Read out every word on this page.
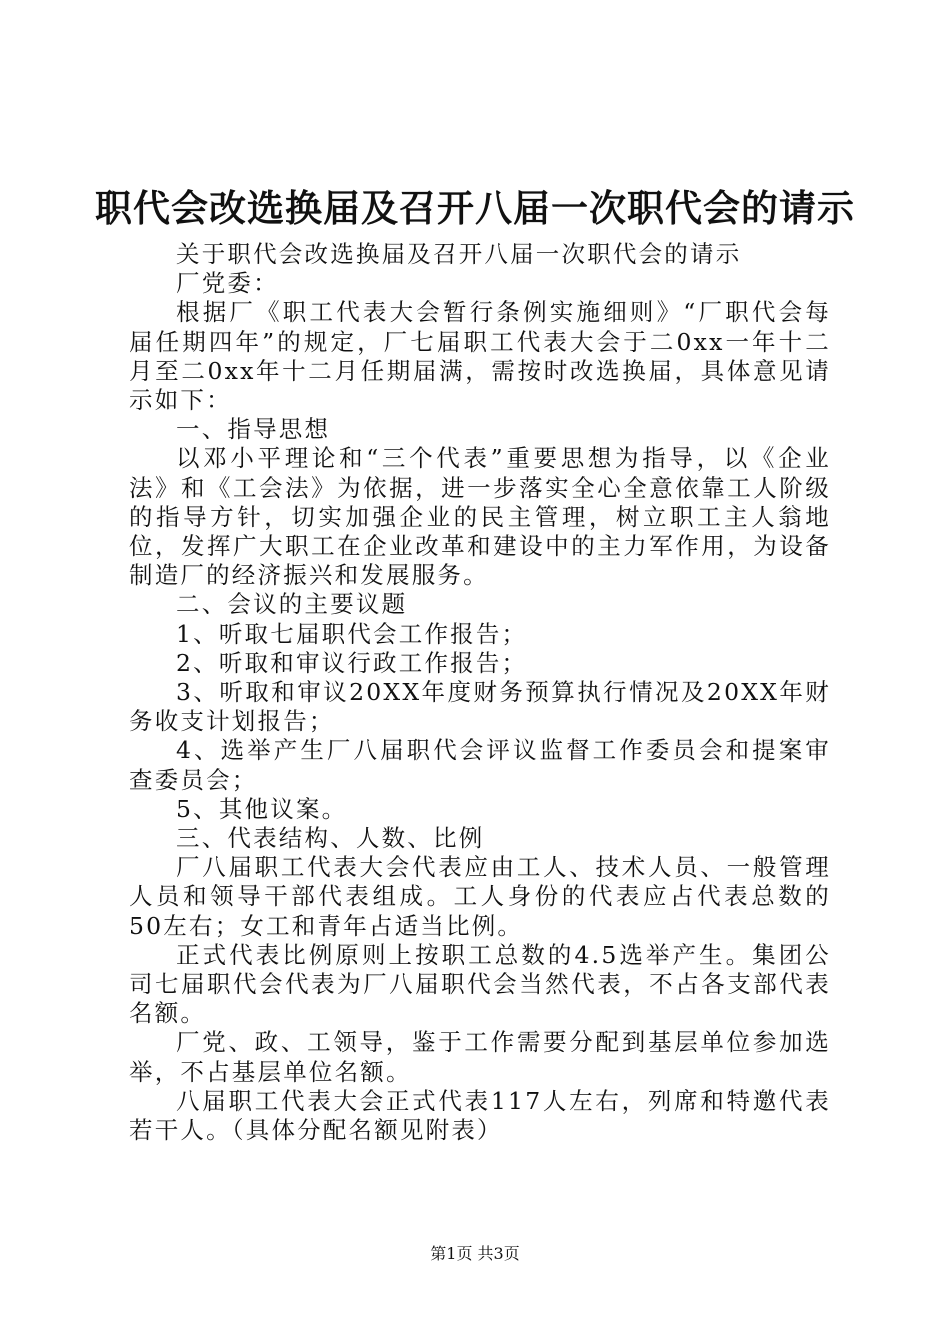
职代会改选换届及召开八届一次职代会的请示

关于职代会改选换届及召开八届一次职代会的请示

厂党委：

根据厂《职工代表大会暂行条例实施细则》“厂职代会每届任期四年”的规定，厂七届职工代表大会于二0xx一年十二月至二0xx年十二月任期届满，需按时改选换届，具体意见请示如下：

一、指导思想

以邓小平理论和“三个代表”重要思想为指导，以《企业法》和《工会法》为依据，进一步落实全心全意依靠工人阶级的指导方针，切实加强企业的民主管理，树立职工主人翁地位，发挥广大职工在企业改革和建设中的主力军作用，为设备制造厂的经济振兴和发展服务。

二、会议的主要议题

1、听取七届职代会工作报告；

2、听取和审议行政工作报告；

3、听取和审议20XX年度财务预算执行情况及20XX年财务收支计划报告；

4、选举产生厂八届职代会评议监督工作委员会和提案审查委员会；

5、其他议案。

三、代表结构、人数、比例

厂八届职工代表大会代表应由工人、技术人员、一般管理人员和领导干部代表组成。工人身份的代表应占代表总数的50左右；女工和青年占适当比例。

正式代表比例原则上按职工总数的4.5选举产生。集团公司七届职代会代表为厂八届职代会当然代表，不占各支部代表名额。

厂党、政、工领导，鉴于工作需要分配到基层单位参加选举，不占基层单位名额。

八届职工代表大会正式代表117人左右，列席和特邀代表若干人。（具体分配名额见附表）

第1页 共3页
